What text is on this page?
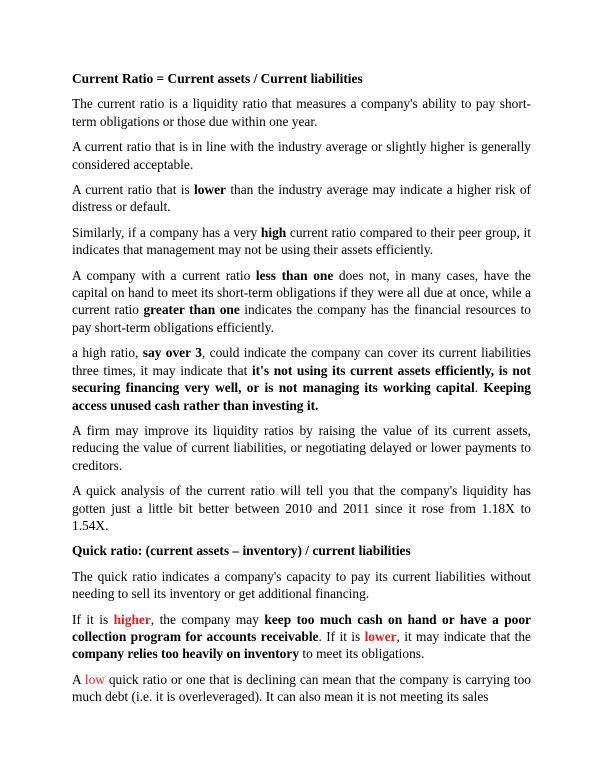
Current Ratio = Current assets / Current liabilities

The current ratio is a liquidity ratio that measures a company's ability to pay short-term obligations or those due within one year.

A current ratio that is in line with the industry average or slightly higher is generally considered acceptable.

A current ratio that is lower than the industry average may indicate a higher risk of distress or default.

Similarly, if a company has a very high current ratio compared to their peer group, it indicates that management may not be using their assets efficiently.

A company with a current ratio less than one does not, in many cases, have the capital on hand to meet its short-term obligations if they were all due at once, while a current ratio greater than one indicates the company has the financial resources to pay short-term obligations efficiently.

a high ratio, say over 3, could indicate the company can cover its current liabilities three times, it may indicate that it's not using its current assets efficiently, is not securing financing very well, or is not managing its working capital. Keeping access unused cash rather than investing it.

A firm may improve its liquidity ratios by raising the value of its current assets, reducing the value of current liabilities, or negotiating delayed or lower payments to creditors.

A quick analysis of the current ratio will tell you that the company's liquidity has gotten just a little bit better between 2010 and 2011 since it rose from 1.18X to 1.54X.

Quick ratio: (current assets – inventory) / current liabilities

The quick ratio indicates a company's capacity to pay its current liabilities without needing to sell its inventory or get additional financing.

If it is higher, the company may keep too much cash on hand or have a poor collection program for accounts receivable. If it is lower, it may indicate that the company relies too heavily on inventory to meet its obligations.

A low quick ratio or one that is declining can mean that the company is carrying too much debt (i.e. it is overleveraged). It can also mean it is not meeting its sales
